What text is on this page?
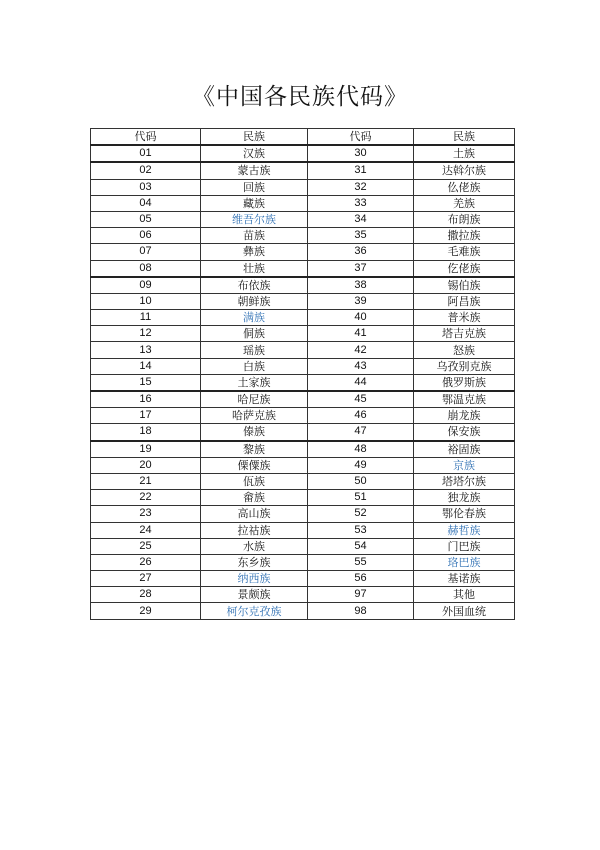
《中国各民族代码》
代码	民族	代码	民族
01	汉族	30	土族
02	蒙古族	31	达斡尔族
03	回族	32	仫佬族
04	藏族	33	羌族
05	维吾尔族	34	布朗族
06	苗族	35	撒拉族
07	彝族	36	毛难族
08	壮族	37	仡佬族
09	布依族	38	锡伯族
10	朝鲜族	39	阿昌族
11	满族	40	普米族
12	侗族	41	塔吉克族
13	瑶族	42	怒族
14	白族	43	乌孜别克族
15	土家族	44	俄罗斯族
16	哈尼族	45	鄂温克族
17	哈萨克族	46	崩龙族
18	傣族	47	保安族
19	黎族	48	裕固族
20	傈僳族	49	京族
21	佤族	50	塔塔尔族
22	畲族	51	独龙族
23	高山族	52	鄂伦春族
24	拉祜族	53	赫哲族
25	水族	54	门巴族
26	东乡族	55	珞巴族
27	纳西族	56	基诺族
28	景颇族	97	其他
29	柯尔克孜族	98	外国血统
